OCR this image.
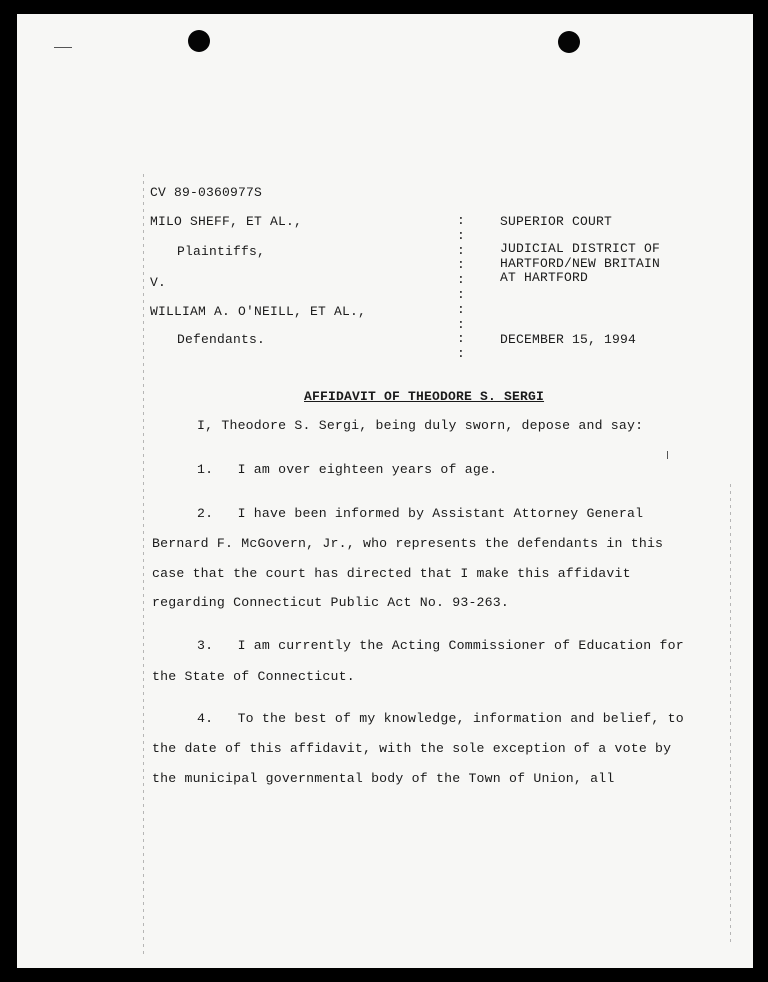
CV 89-0360977S
MILO SHEFF, ET AL.,
Plaintiffs,
V.
WILLIAM A. O'NEILL, ET AL.,
Defendants.
:
:
:
:
:
:
:
:
:
:
SUPERIOR COURT
JUDICIAL DISTRICT OF
HARTFORD/NEW BRITAIN
AT HARTFORD
DECEMBER 15, 1994
AFFIDAVIT OF THEODORE S. SERGI
I, Theodore S. Sergi, being duly sworn, depose and say:
1.   I am over eighteen years of age.
2.   I have been informed by Assistant Attorney General
Bernard F. McGovern, Jr., who represents the defendants in this
case that the court has directed that I make this affidavit
regarding Connecticut Public Act No. 93-263.
3.   I am currently the Acting Commissioner of Education for
the State of Connecticut.
4.   To the best of my knowledge, information and belief, to
the date of this affidavit, with the sole exception of a vote by
the municipal governmental body of the Town of Union, all
